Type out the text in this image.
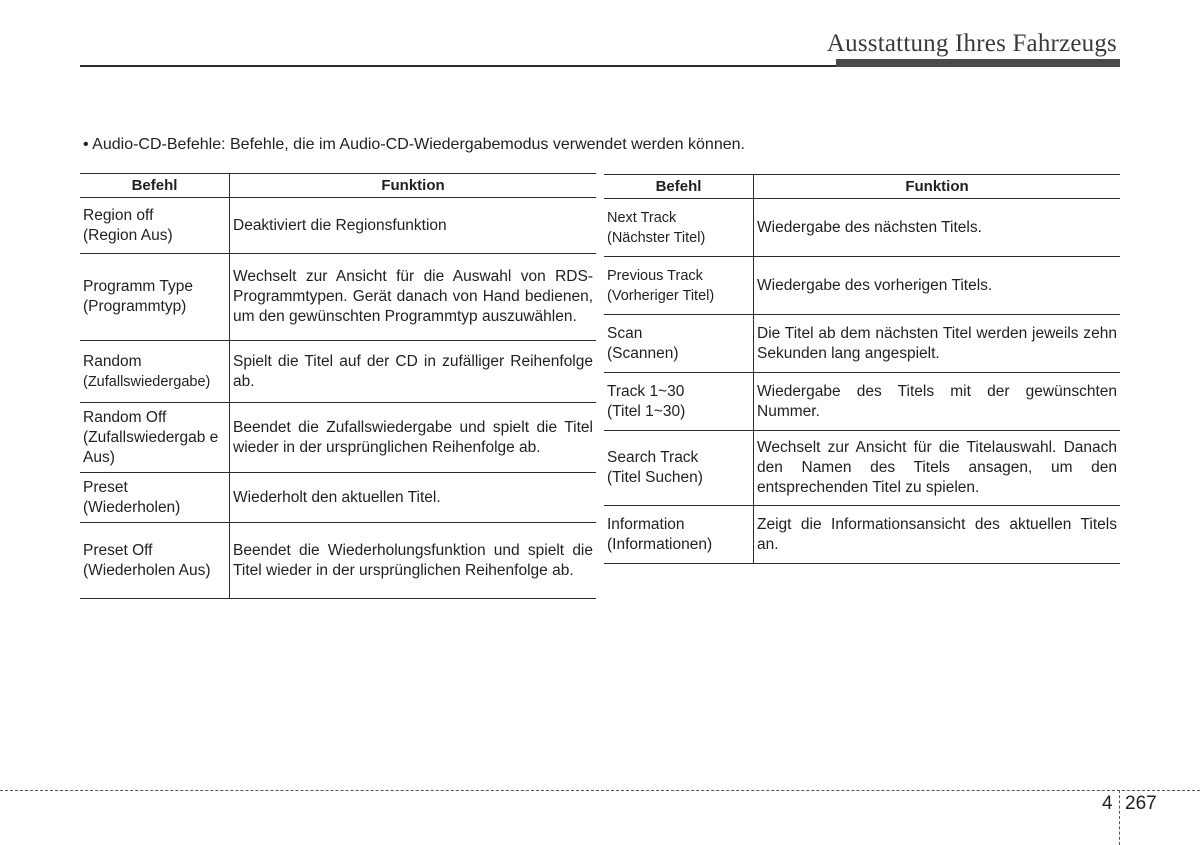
Ausstattung Ihres Fahrzeugs
• Audio-CD-Befehle: Befehle, die im Audio-CD-Wiedergabemodus verwendet werden können.
Befehl	Funktion

Region off
(Region Aus)	Deaktiviert die Regionsfunktion

Programm Type
(Programmtyp)	Wechselt zur Ansicht für die Auswahl von RDS-Programmtypen. Gerät danach von Hand bedienen, um den gewünschten Programmtyp auszuwählen.

Random
(Zufallswiedergabe)	Spielt die Titel auf der CD in zufälliger Reihenfolge ab.

Random Off
(Zufallswiedergab e Aus)	Beendet die Zufallswiedergabe und spielt die Titel wieder in der ursprünglichen Reihenfolge ab.

Preset
(Wiederholen)	Wiederholt den aktuellen Titel.

Preset Off
(Wiederholen Aus)	Beendet die Wiederholungsfunktion und spielt die Titel wieder in der ursprünglichen Reihenfolge ab.
Befehl	Funktion

Next Track
(Nächster Titel)	Wiedergabe des nächsten Titels.

Previous Track
(Vorheriger Titel)	Wiedergabe des vorherigen Titels.

Scan
(Scannen)	Die Titel ab dem nächsten Titel werden jeweils zehn Sekunden lang angespielt.

Track 1~30
(Titel 1~30)	Wiedergabe des Titels mit der gewünschten Nummer.

Search Track
(Titel Suchen)	Wechselt zur Ansicht für die Titelauswahl. Danach den Namen des Titels ansagen, um den entsprechenden Titel zu spielen.

Information
(Informationen)	Zeigt die Informationsansicht des aktuellen Titels an.
4 267
